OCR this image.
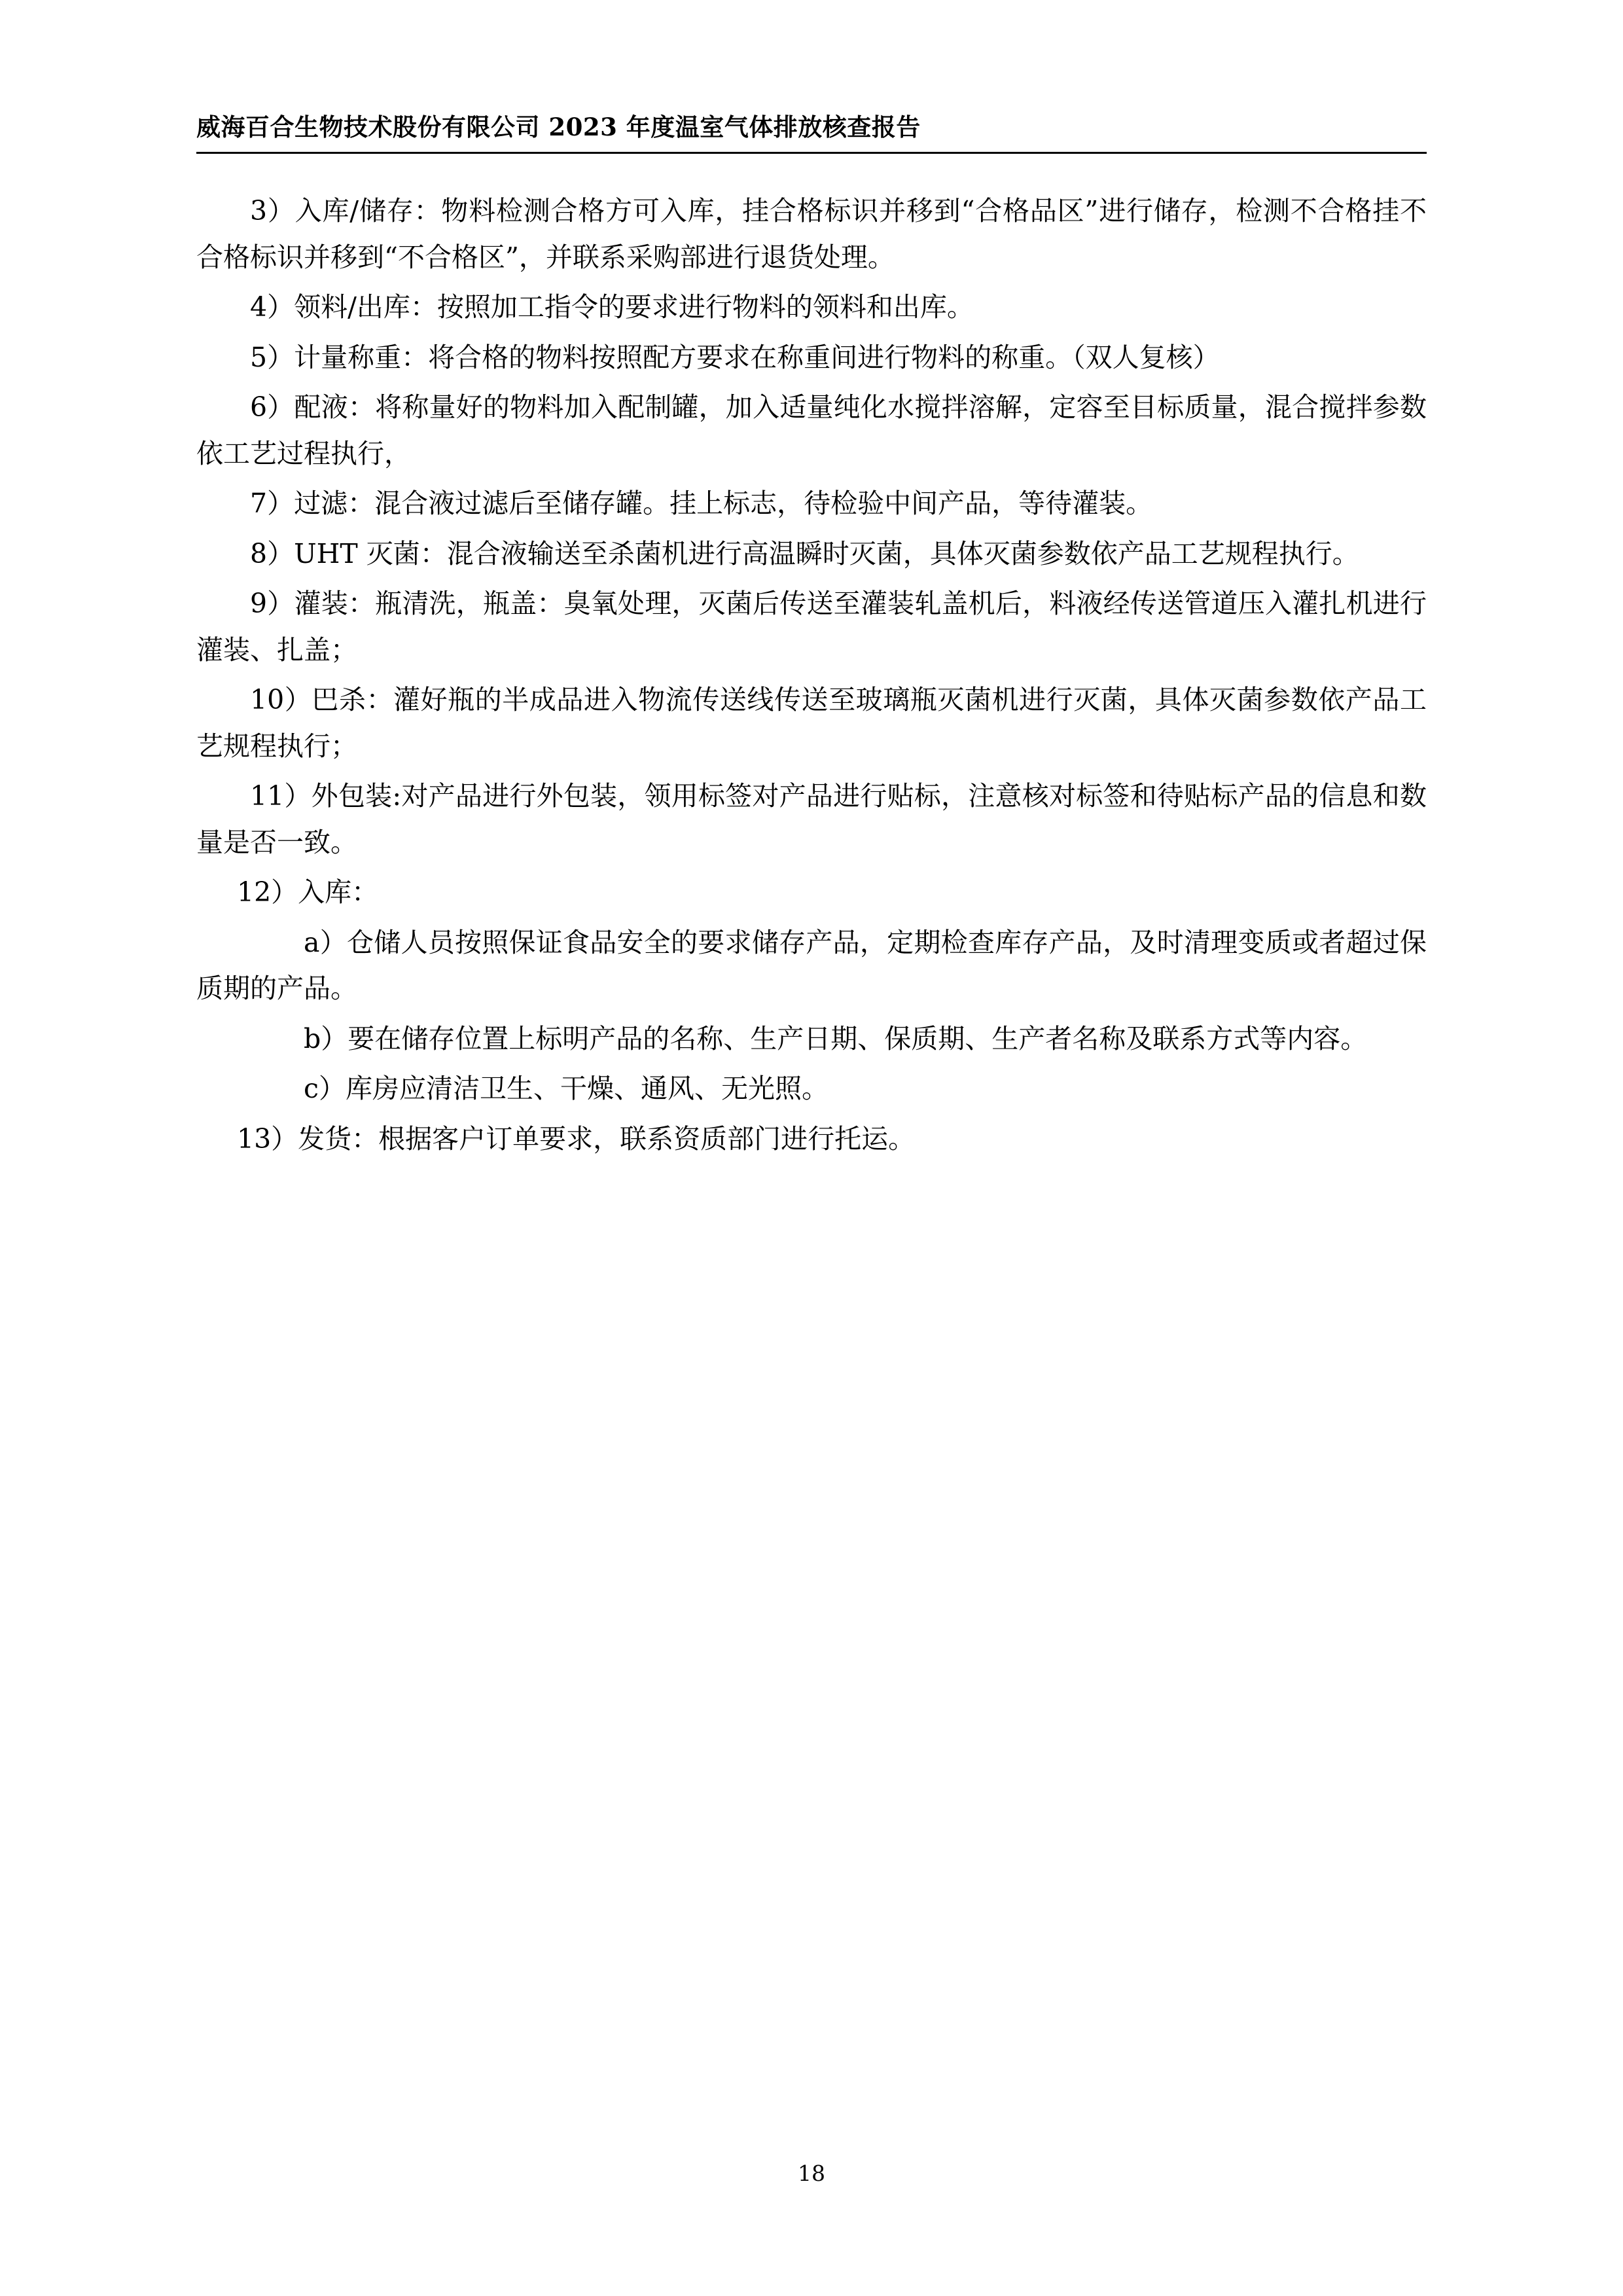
威海百合生物技术股份有限公司 2023 年度温室气体排放核查报告

3）入库/储存：物料检测合格方可入库，挂合格标识并移到“合格品区”进行储存，检测不合格挂不合格标识并移到“不合格区”，并联系采购部进行退货处理。

4）领料/出库：按照加工指令的要求进行物料的领料和出库。

5）计量称重：将合格的物料按照配方要求在称重间进行物料的称重。（双人复核）

6）配液：将称量好的物料加入配制罐，加入适量纯化水搅拌溶解，定容至目标质量，混合搅拌参数依工艺过程执行，

7）过滤：混合液过滤后至储存罐。挂上标志，待检验中间产品，等待灌装。

8）UHT 灭菌：混合液输送至杀菌机进行高温瞬时灭菌，具体灭菌参数依产品工艺规程执行。

9）灌装：瓶清洗，瓶盖：臭氧处理，灭菌后传送至灌装轧盖机后，料液经传送管道压入灌扎机进行灌装、扎盖；

10）巴杀：灌好瓶的半成品进入物流传送线传送至玻璃瓶灭菌机进行灭菌，具体灭菌参数依产品工艺规程执行；

11）外包装:对产品进行外包装，领用标签对产品进行贴标，注意核对标签和待贴标产品的信息和数量是否一致。

12）入库：

a）仓储人员按照保证食品安全的要求储存产品，定期检查库存产品，及时清理变质或者超过保质期的产品。

b）要在储存位置上标明产品的名称、生产日期、保质期、生产者名称及联系方式等内容。

c）库房应清洁卫生、干燥、通风、无光照。

13）发货：根据客户订单要求，联系资质部门进行托运。

18
